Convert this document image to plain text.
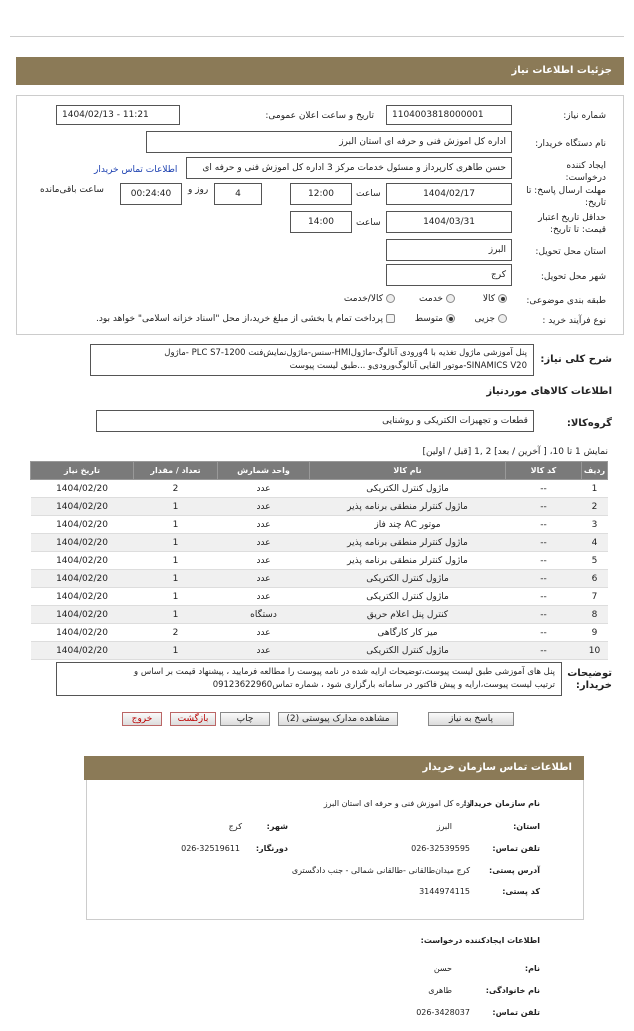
جزئیات اطلاعات نیاز
شماره نیاز:
1104003818000001
تاریخ و ساعت اعلان عمومی:
1404/02/13 - 11:21
نام دستگاه خریدار:
اداره کل اموزش فنی و حرفه ای استان البرز
ایجاد کننده درخواست:
حسن طاهری کارپرداز و مسئول خدمات مرکز 3 اداره کل اموزش فنی و حرفه ای
اطلاعات تماس خریدار
مهلت ارسال پاسخ: تا تاریخ:
1404/02/17
ساعت
12:00
4
روز و
00:24:40
ساعت باقی‌مانده
حداقل تاریخ اعتبار قیمت: تا تاریخ:
1404/03/31
ساعت
14:00
استان محل تحویل:
البرز
شهر محل تحویل:
کرج
طبقه بندی موضوعی:
کالا
خدمت
کالا/خدمت
نوع فرآیند خرید :
جزیی
متوسط
پرداخت تمام یا بخشی از مبلغ خرید،از محل "اسناد خزانه اسلامی" خواهد بود.
شرح کلی نیاز:
پنل آموزشی ماژول تغذیه با 4ورودی آنالوگ-ماژولHMI-سنس-ماژول‌نمایش‌فنت PLC S7-1200 -ماژول
SINAMICS V20-موتور القایی آنالوگ‌ورودی‌و ...طبق لیست پیوست
اطلاعات کالاهای موردنیاز
گروه‌کالا:
قطعات و تجهیزات الکتریکی و روشنایی
نمایش 1 تا 10، [ آخرین / بعد] 2 ,1 [قبل / اولین]
ردیف	کد کالا	نام کالا	واحد شمارش	تعداد / مقدار	تاریخ نیاز
1	--	ماژول کنترل الکتریکی	عدد	2	1404/02/20
2	--	ماژول کنترلر منطقی برنامه پذیر	عدد	1	1404/02/20
3	--	موتور AC چند فاز	عدد	1	1404/02/20
4	--	ماژول کنترلر منطقی برنامه پذیر	عدد	1	1404/02/20
5	--	ماژول کنترلر منطقی برنامه پذیر	عدد	1	1404/02/20
6	--	ماژول کنترل الکتریکی	عدد	1	1404/02/20
7	--	ماژول کنترل الکتریکی	عدد	1	1404/02/20
8	--	کنترل پنل اعلام حریق	دستگاه	1	1404/02/20
9	--	میز کار کارگاهی	عدد	2	1404/02/20
10	--	ماژول کنترل الکتریکی	عدد	1	1404/02/20
توضیحات خریدار:
پنل های آموزشی طبق لیست پیوست،توضیحات ارایه شده در نامه پیوست را مطالعه فرمایید ، پیشنهاد قیمت بر اساس و
ترتیب لیست پیوست،ارایه و پیش فاکتور در سامانه بارگزاری شود ، شماره تماس09123622960
پاسخ به نیاز
مشاهده مدارک پیوستی (2)
چاپ
بازگشت
خروج
اطلاعات تماس سازمان خریدار
نام سازمان خریدار:
اداره کل اموزش فنی و حرفه ای استان البرز
استان:
البرز
شهر:
کرج
تلفن تماس:
026-32539595
دورنگار:
026-32519611
آدرس پستی:
کرج میدان‌طالقانی -طالقانی شمالی - جنب دادگستری
کد پستی:
3144974115
اطلاعات ایجادکننده درخواست:
نام:
حسن
نام خانوادگی:
طاهری
تلفن تماس:
026-3428037
